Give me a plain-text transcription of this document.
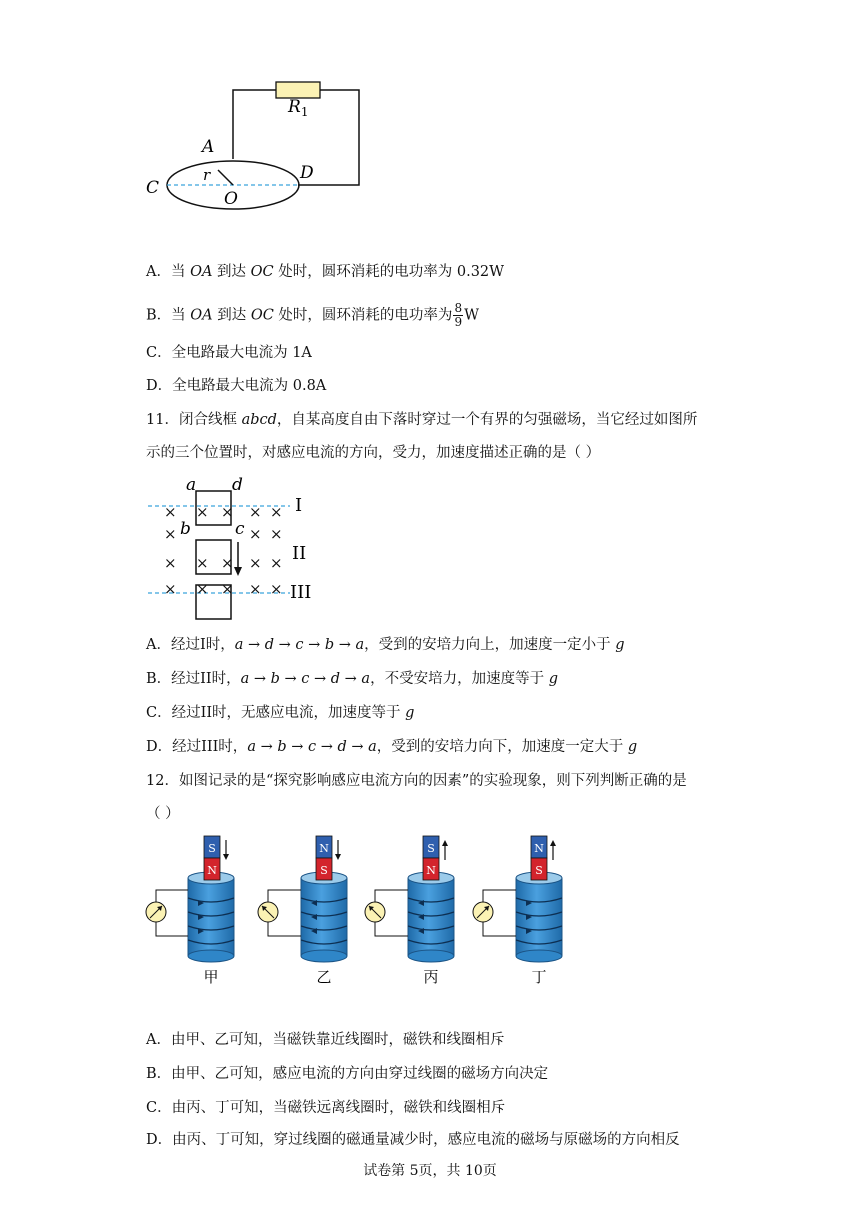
$R_1$
A
r
C
O
D
A．当 OA 到达 OC 处时，圆环消耗的电功率为 0.32W
B．当 OA 到达 OC 处时，圆环消耗的电功率为 $\frac{8}{9}$ W
C．全电路最大电流为 1A
D．全电路最大电流为 0.8A
11．闭合线框 abcd，自某高度自由下落时穿过一个有界的匀强磁场，当它经过如图所
示的三个位置时，对感应电流的方向，受力，加速度描述正确的是（ ）
× × × × ×
×	× ×
× × × × ×
× × × × ×
a d
b	c
I
II
III
A．经过I时，a → d → c → b → a，受到的安培力向上，加速度一定小于 g
B．经过II时，a → b → c → d → a，不受安培力，加速度等于 g
C．经过II时，无感应电流，加速度等于 g
D．经过III时，a → b → c → d → a，受到的安培力向下，加速度一定大于 g
12．如图记录的是“探究影响感应电流方向的因素”的实验现象，则下列判断正确的是
（ ）
S
N
甲
N
S
乙
S
N
丙
N
S
丁
A．由甲、乙可知，当磁铁靠近线圈时，磁铁和线圈相斥
B．由甲、乙可知，感应电流的方向由穿过线圈的磁场方向决定
C．由丙、丁可知，当磁铁远离线圈时，磁铁和线圈相斥
D．由丙、丁可知，穿过线圈的磁通量减少时，感应电流的磁场与原磁场的方向相反
试卷第 5页，共 10页
